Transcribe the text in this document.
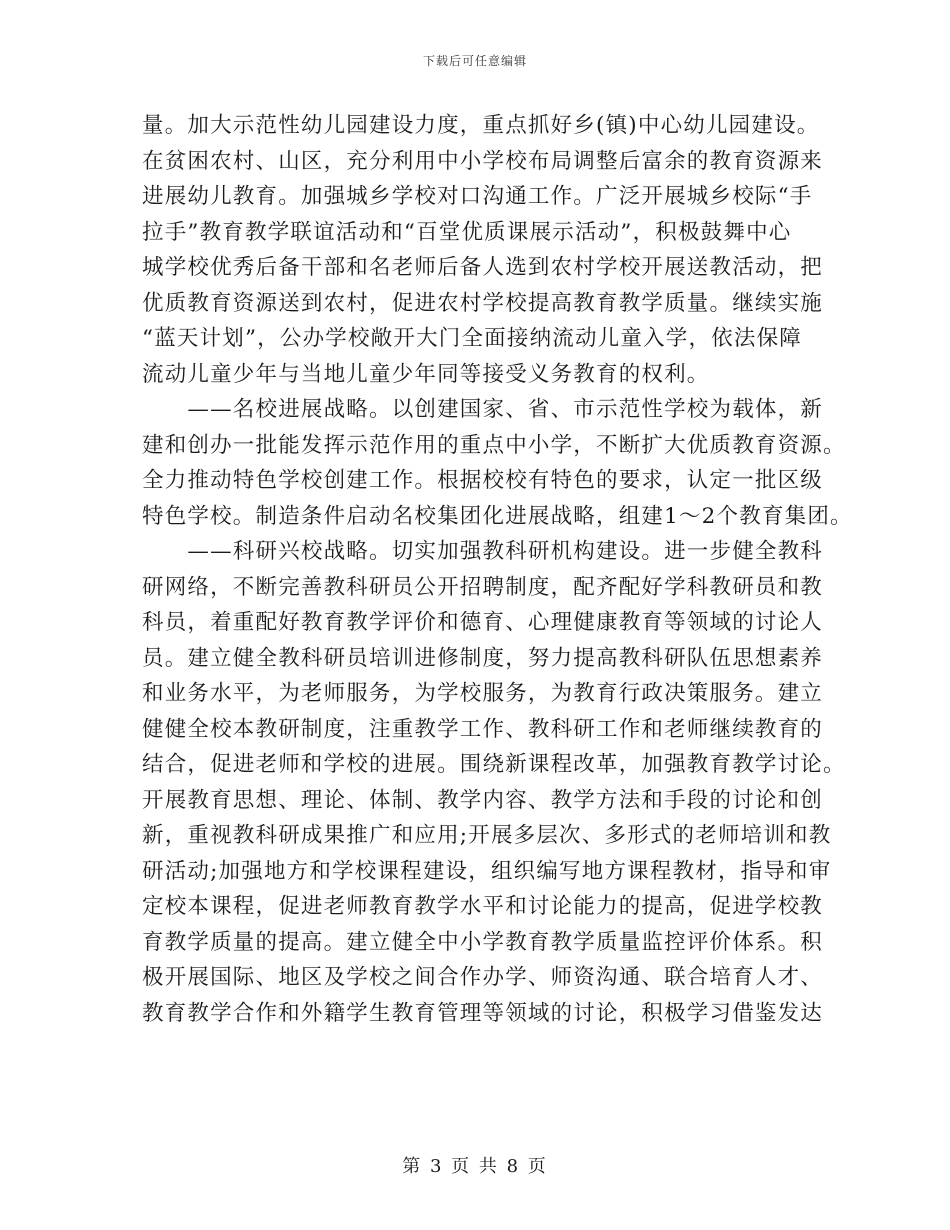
下载后可任意编辑
量。加大示范性幼儿园建设力度，重点抓好乡(镇)中心幼儿园建设。
在贫困农村、山区，充分利用中小学校布局调整后富余的教育资源来
进展幼儿教育。加强城乡学校对口沟通工作。广泛开展城乡校际“手
拉手”教育教学联谊活动和“百堂优质课展示活动”，积极鼓舞中心
城学校优秀后备干部和名老师后备人选到农村学校开展送教活动，把
优质教育资源送到农村，促进农村学校提高教育教学质量。继续实施
“蓝天计划”，公办学校敞开大门全面接纳流动儿童入学，依法保障
流动儿童少年与当地儿童少年同等接受义务教育的权利。
　　——名校进展战略。以创建国家、省、市示范性学校为载体，新
建和创办一批能发挥示范作用的重点中小学，不断扩大优质教育资源。
全力推动特色学校创建工作。根据校校有特色的要求，认定一批区级
特色学校。制造条件启动名校集团化进展战略，组建1～2个教育集团。
　　——科研兴校战略。切实加强教科研机构建设。进一步健全教科
研网络，不断完善教科研员公开招聘制度，配齐配好学科教研员和教
科员，着重配好教育教学评价和德育、心理健康教育等领域的讨论人
员。建立健全教科研员培训进修制度，努力提高教科研队伍思想素养
和业务水平，为老师服务，为学校服务，为教育行政决策服务。建立
健健全校本教研制度，注重教学工作、教科研工作和老师继续教育的
结合，促进老师和学校的进展。围绕新课程改革，加强教育教学讨论。
开展教育思想、理论、体制、教学内容、教学方法和手段的讨论和创
新，重视教科研成果推广和应用;开展多层次、多形式的老师培训和教
研活动;加强地方和学校课程建设，组织编写地方课程教材，指导和审
定校本课程，促进老师教育教学水平和讨论能力的提高，促进学校教
育教学质量的提高。建立健全中小学教育教学质量监控评价体系。积
极开展国际、地区及学校之间合作办学、师资沟通、联合培育人才、
教育教学合作和外籍学生教育管理等领域的讨论，积极学习借鉴发达
第 3 页 共 8 页
